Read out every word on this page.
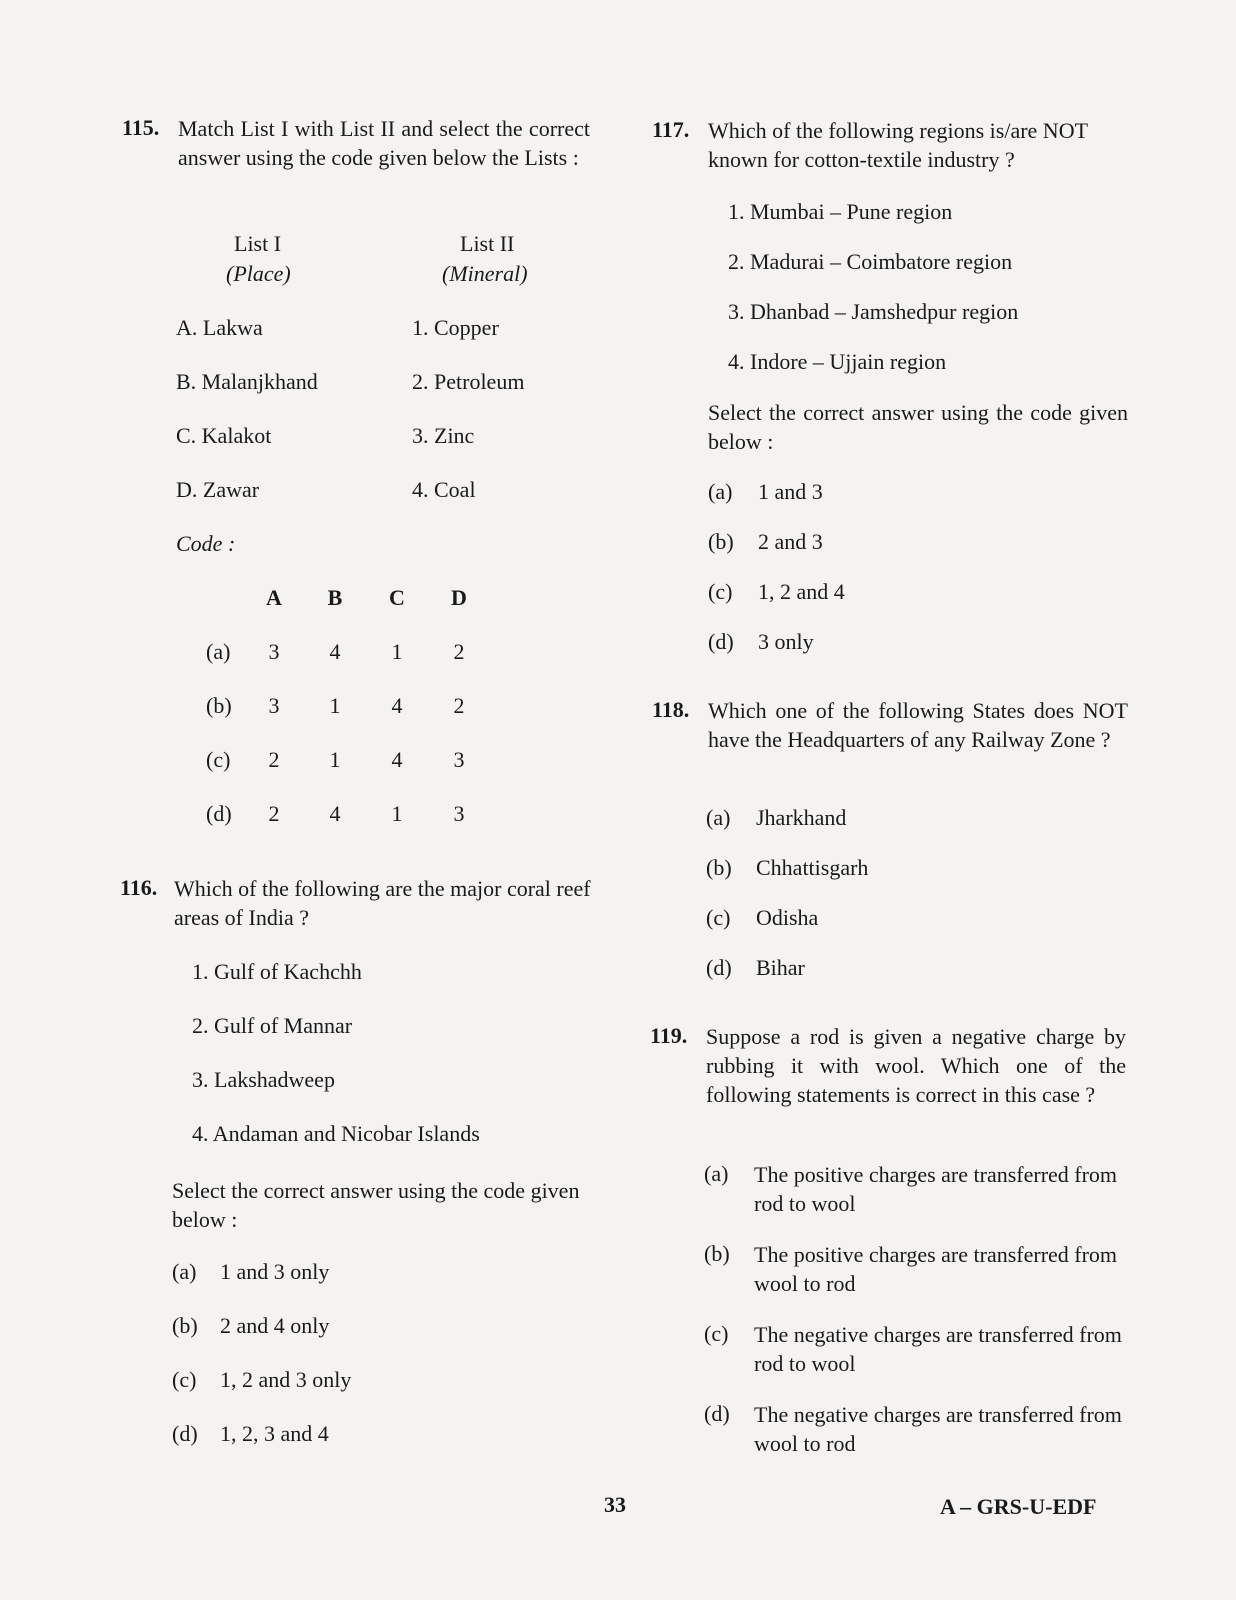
115. Match List I with List II and select the correct answer using the code given below the Lists :
List I
(Place)
List II
(Mineral)
A. Lakwa
B. Malanjkhand
C. Kalakot
D. Zawar
1. Copper
2. Petroleum
3. Zinc
4. Coal
Code :
A B C D
(a) 3 4 1 2
(b) 3 1 4 2
(c) 2 1 4 3
(d) 2 4 1 3
116. Which of the following are the major coral reef areas of India ?
1. Gulf of Kachchh
2. Gulf of Mannar
3. Lakshadweep
4. Andaman and Nicobar Islands
Select the correct answer using the code given below :
(a) 1 and 3 only
(b) 2 and 4 only
(c) 1, 2 and 3 only
(d) 1, 2, 3 and 4
117. Which of the following regions is/are NOT known for cotton-textile industry ?
1. Mumbai – Pune region
2. Madurai – Coimbatore region
3. Dhanbad – Jamshedpur region
4. Indore – Ujjain region
Select the correct answer using the code given below :
(a) 1 and 3
(b) 2 and 3
(c) 1, 2 and 4
(d) 3 only
118. Which one of the following States does NOT have the Headquarters of any Railway Zone ?
(a) Jharkhand
(b) Chhattisgarh
(c) Odisha
(d) Bihar
119. Suppose a rod is given a negative charge by rubbing it with wool. Which one of the following statements is correct in this case ?
(a) The positive charges are transferred from rod to wool
(b) The positive charges are transferred from wool to rod
(c) The negative charges are transferred from rod to wool
(d) The negative charges are transferred from wool to rod
33	A – GRS-U-EDF
